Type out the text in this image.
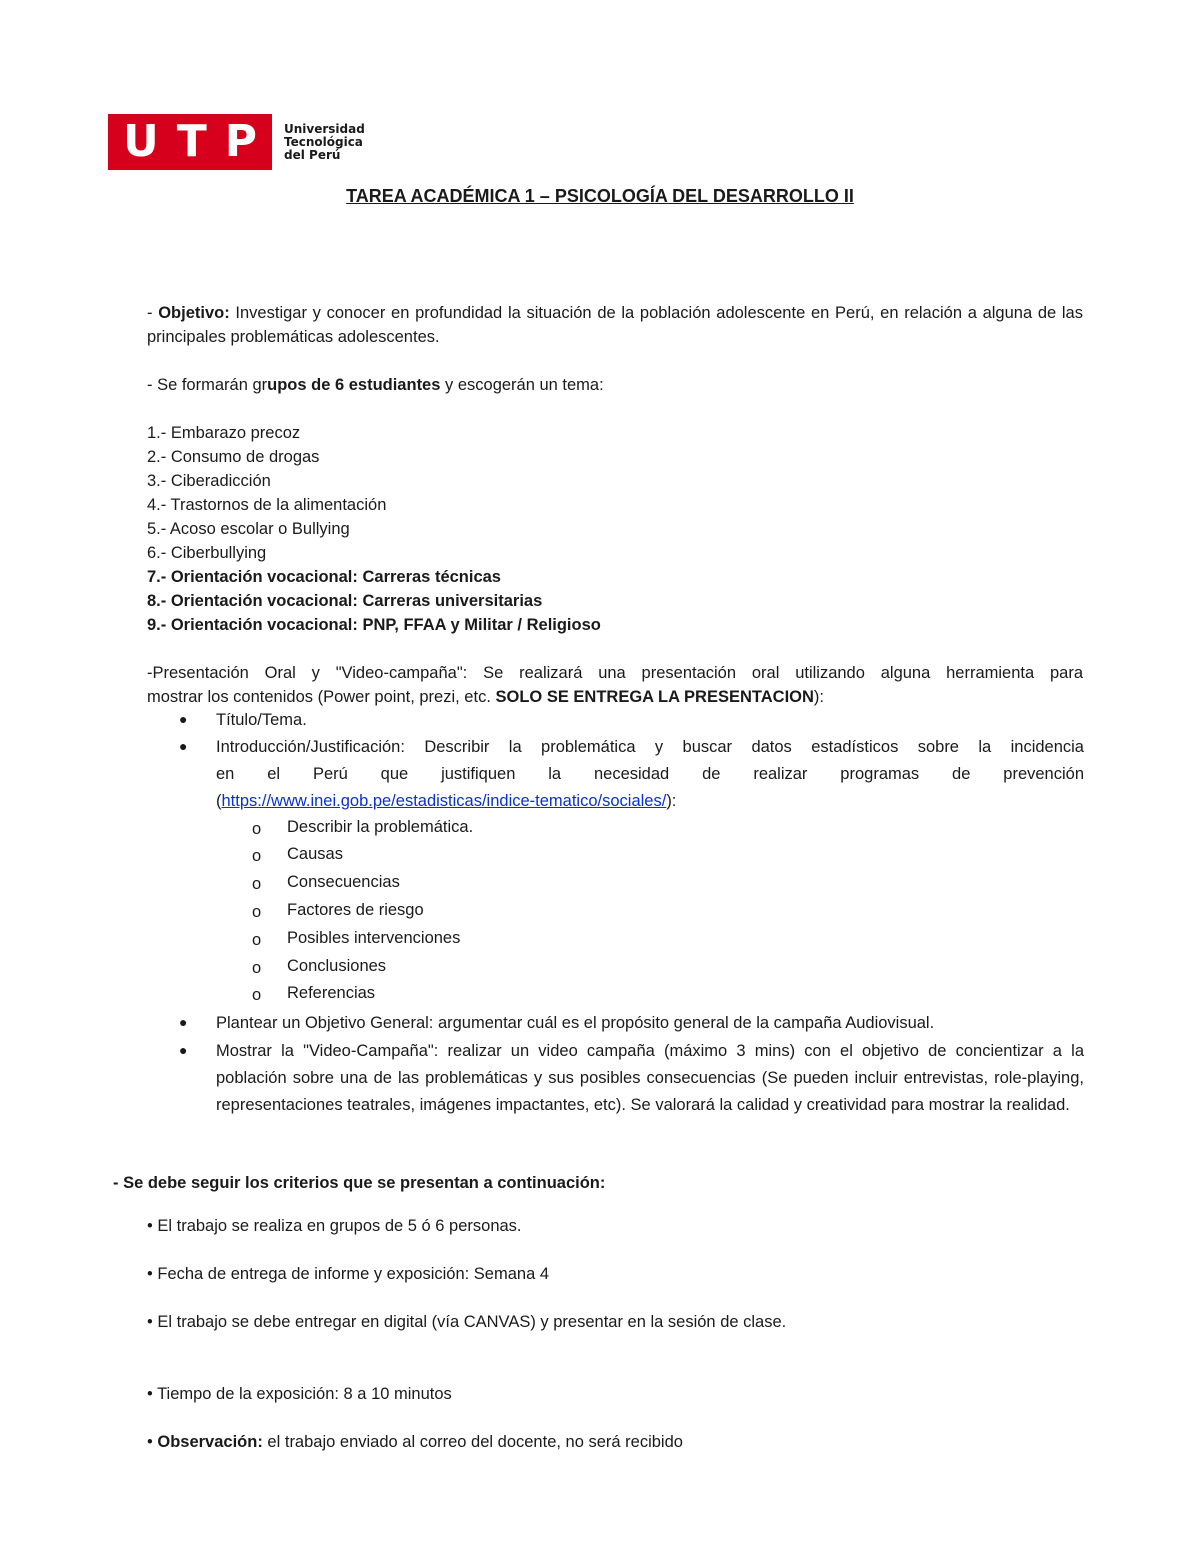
U T P Universidad
Tecnológica
del Perú
TAREA ACADÉMICA 1 – PSICOLOGÍA DEL DESARROLLO II
- Objetivo: Investigar y conocer en profundidad la situación de la población adolescente en Perú, en relación a alguna de las principales problemáticas adolescentes.
- Se formarán grupos de 6 estudiantes y escogerán un tema:
1.- Embarazo precoz
2.- Consumo de drogas
3.- Ciberadicción
4.- Trastornos de la alimentación
5.- Acoso escolar o Bullying
6.- Ciberbullying
7.- Orientación vocacional: Carreras técnicas
8.- Orientación vocacional: Carreras universitarias
9.- Orientación vocacional: PNP, FFAA y Militar / Religioso
-Presentación Oral y "Video-campaña": Se realizará una presentación oral utilizando alguna herramienta para
mostrar los contenidos (Power point, prezi, etc. SOLO SE ENTREGA LA PRESENTACION):
● Título/Tema.
● Introducción/Justificación: Describir la problemática y buscar datos estadísticos sobre la incidencia
en el Perú que justifiquen la necesidad de realizar programas de prevención
(https://www.inei.gob.pe/estadisticas/indice-tematico/sociales/):
o Describir la problemática.
o Causas
o Consecuencias
o Factores de riesgo
o Posibles intervenciones
o Conclusiones
o Referencias
● Plantear un Objetivo General: argumentar cuál es el propósito general de la campaña Audiovisual.
● Mostrar la "Video-Campaña": realizar un video campaña (máximo 3 mins) con el objetivo de concientizar a la población sobre una de las problemáticas y sus posibles consecuencias (Se pueden incluir entrevistas, role-playing, representaciones teatrales, imágenes impactantes, etc). Se valorará la calidad y creatividad para mostrar la realidad.
- Se debe seguir los criterios que se presentan a continuación:
• El trabajo se realiza en grupos de 5 ó 6 personas.
• Fecha de entrega de informe y exposición: Semana 4
• El trabajo se debe entregar en digital (vía CANVAS) y presentar en la sesión de clase.
• Tiempo de la exposición: 8 a 10 minutos
• Observación: el trabajo enviado al correo del docente, no será recibido
